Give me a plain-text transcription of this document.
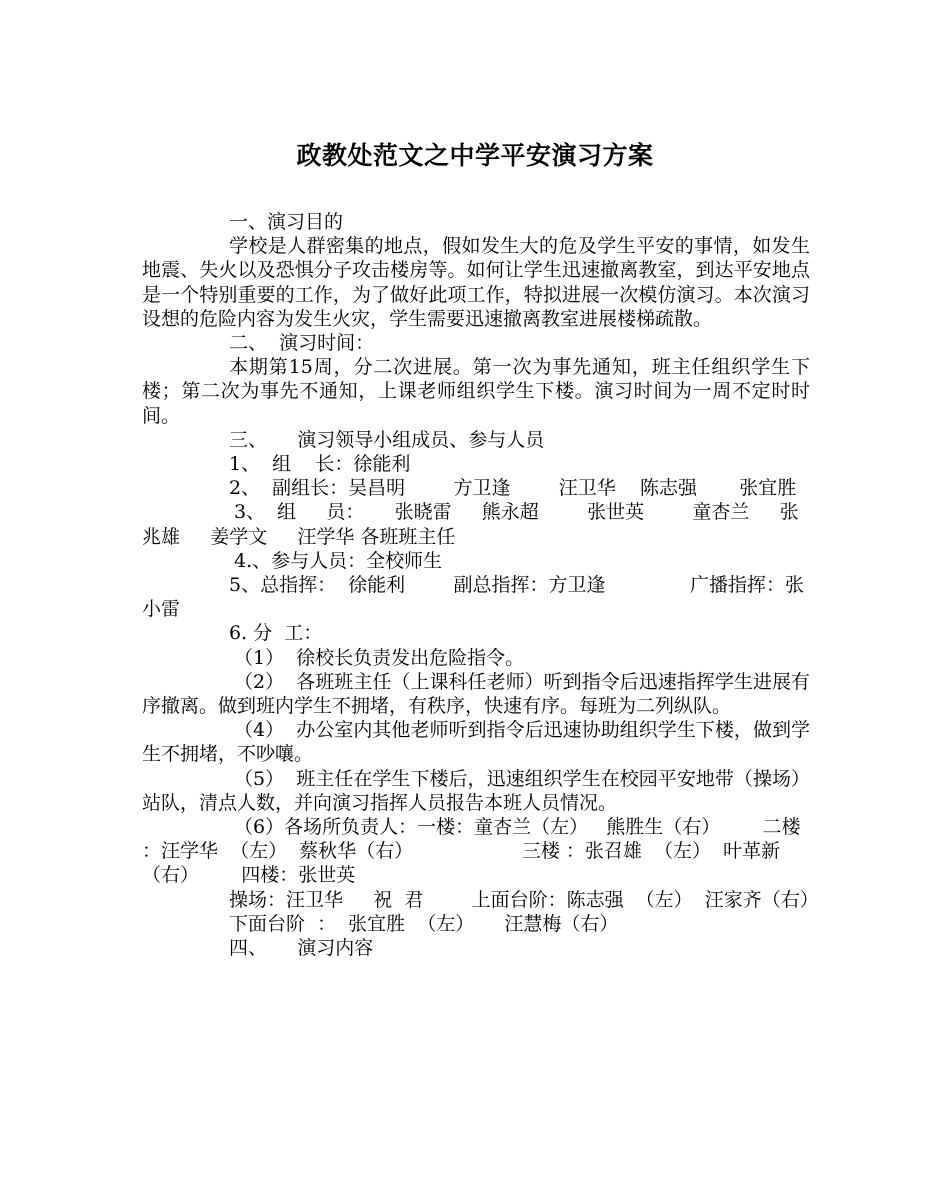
政教处范文之中学平安演习方案

一、演习目的

学校是人群密集的地点，假如发生大的危及学生平安的事情，如发生地震、失火以及恐惧分子攻击楼房等。如何让学生迅速撤离教室，到达平安地点是一个特别重要的工作，为了做好此项工作，特拟进展一次模仿演习。本次演习设想的危险内容为发生火灾，学生需要迅速撤离教室进展楼梯疏散。

二、  演习时间：

本期第15周，分二次进展。第一次为事先通知，班主任组织学生下楼；第二次为事先不通知，上课老师组织学生下楼。演习时间为一周不定时时间。

三、     演习领导小组成员、参与人员

1、  组    长：徐能利

2、  副组长：吴昌明        方卫逢        汪卫华    陈志强       张宜胜

3、  组     员：     张晓雷     熊永超        张世英        童杏兰     张兆雄     姜学文     汪学华 各班班主任

4.、参与人员：全校师生

5、总指挥：  徐能利        副总指挥：方卫逢              广播指挥：张小雷

6. 分  工：

（1）  徐校长负责发出危险指令。

（2）  各班班主任（上课科任老师）听到指令后迅速指挥学生进展有序撤离。做到班内学生不拥堵，有秩序，快速有序。每班为二列纵队。

（4）  办公室内其他老师听到指令后迅速协助组织学生下楼，做到学生不拥堵，不吵嚷。

（5）  班主任在学生下楼后，迅速组织学生在校园平安地带（操场）站队，清点人数，并向演习指挥人员报告本班人员情况。

（6）各场所负责人：一楼：童杏兰（左）   熊胜生（右）       二楼 ：汪学华  （左）  蔡秋华（右）                  三楼 ：张召雄  （左）  叶革新（右）       四楼：张世英

操场：汪卫华     祝  君        上面台阶：陈志强  （左）  汪家齐（右）

下面台阶  ：  张宜胜  （左）     汪慧梅（右）

四、     演习内容
